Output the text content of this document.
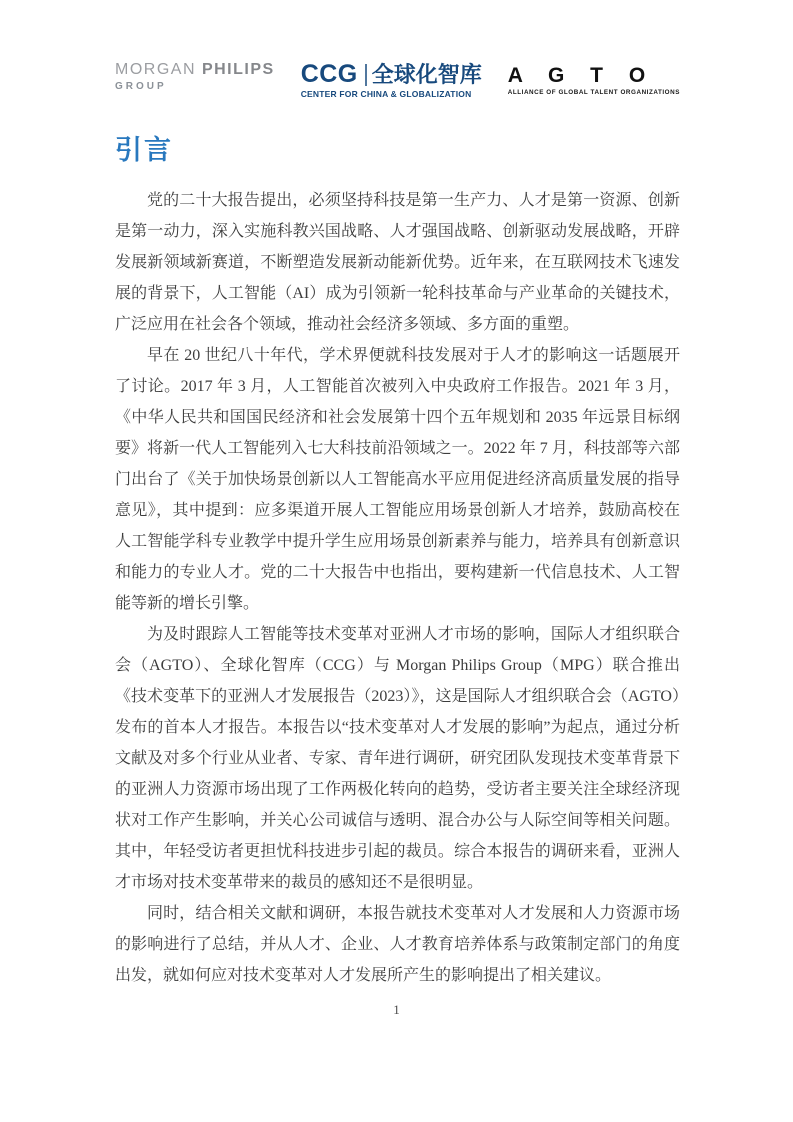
MORGAN PHILIPS
GROUP	CCG 全球化智库
CENTER FOR CHINA & GLOBALIZATION
A G T O
ALLIANCE OF GLOBAL TALENT ORGANIZATIONS
引言

党的二十大报告提出，必须坚持科技是第一生产力、人才是第一资源、创新是第一动力，深入实施科教兴国战略、人才强国战略、创新驱动发展战略，开辟发展新领域新赛道，不断塑造发展新动能新优势。近年来，在互联网技术飞速发展的背景下，人工智能（AI）成为引领新一轮科技革命与产业革命的关键技术，广泛应用在社会各个领域，推动社会经济多领域、多方面的重塑。

早在 20 世纪八十年代，学术界便就科技发展对于人才的影响这一话题展开了讨论。2017 年 3 月，人工智能首次被列入中央政府工作报告。2021 年 3 月，《中华人民共和国国民经济和社会发展第十四个五年规划和 2035 年远景目标纲要》将新一代人工智能列入七大科技前沿领域之一。2022 年 7 月，科技部等六部门出台了《关于加快场景创新以人工智能高水平应用促进经济高质量发展的指导意见》，其中提到：应多渠道开展人工智能应用场景创新人才培养，鼓励高校在人工智能学科专业教学中提升学生应用场景创新素养与能力，培养具有创新意识和能力的专业人才。党的二十大报告中也指出，要构建新一代信息技术、人工智能等新的增长引擎。

为及时跟踪人工智能等技术变革对亚洲人才市场的影响，国际人才组织联合会（AGTO）、全球化智库（CCG）与 Morgan Philips Group（MPG）联合推出《技术变革下的亚洲人才发展报告（2023）》，这是国际人才组织联合会（AGTO）发布的首本人才报告。本报告以“技术变革对人才发展的影响”为起点，通过分析文献及对多个行业从业者、专家、青年进行调研，研究团队发现技术变革背景下的亚洲人力资源市场出现了工作两极化转向的趋势，受访者主要关注全球经济现状对工作产生影响，并关心公司诚信与透明、混合办公与人际空间等相关问题。其中，年轻受访者更担忧科技进步引起的裁员。综合本报告的调研来看，亚洲人才市场对技术变革带来的裁员的感知还不是很明显。

同时，结合相关文献和调研，本报告就技术变革对人才发展和人力资源市场的影响进行了总结，并从人才、企业、人才教育培养体系与政策制定部门的角度出发，就如何应对技术变革对人才发展所产生的影响提出了相关建议。

1
